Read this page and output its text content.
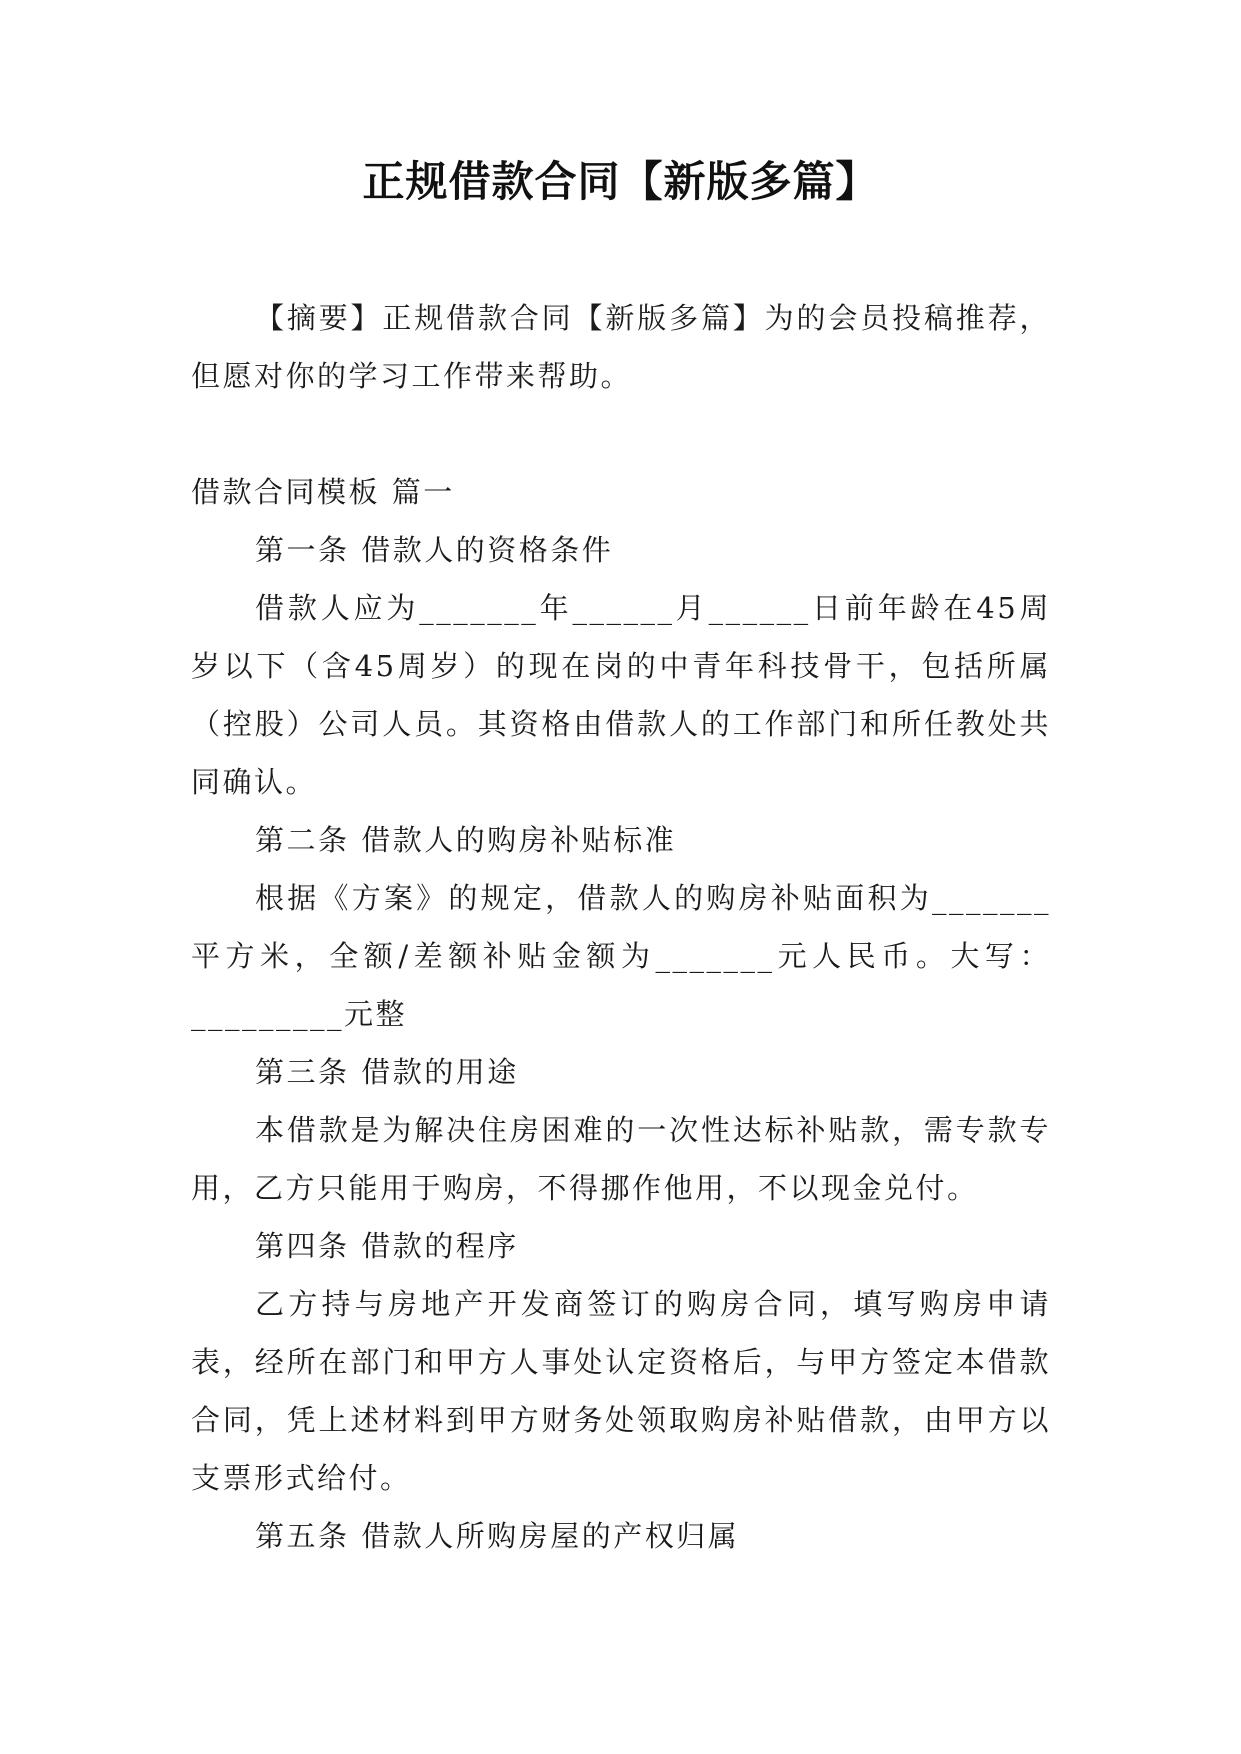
正规借款合同【新版多篇】

【摘要】正规借款合同【新版多篇】为的会员投稿推荐，但愿对你的学习工作带来帮助。

借款合同模板 篇一

第一条 借款人的资格条件

借款人应为_______年______月______日前年龄在45周岁以下（含45周岁）的现在岗的中青年科技骨干，包括所属（控股）公司人员。其资格由借款人的工作部门和所任教处共同确认。

第二条 借款人的购房补贴标准

根据《方案》的规定，借款人的购房补贴面积为_______平方米，全额/差额补贴金额为_______元人民币。大写：_________元整

第三条 借款的用途

本借款是为解决住房困难的一次性达标补贴款，需专款专用，乙方只能用于购房，不得挪作他用，不以现金兑付。

第四条 借款的程序

乙方持与房地产开发商签订的购房合同，填写购房申请表，经所在部门和甲方人事处认定资格后，与甲方签定本借款合同，凭上述材料到甲方财务处领取购房补贴借款，由甲方以支票形式给付。

第五条 借款人所购房屋的产权归属
